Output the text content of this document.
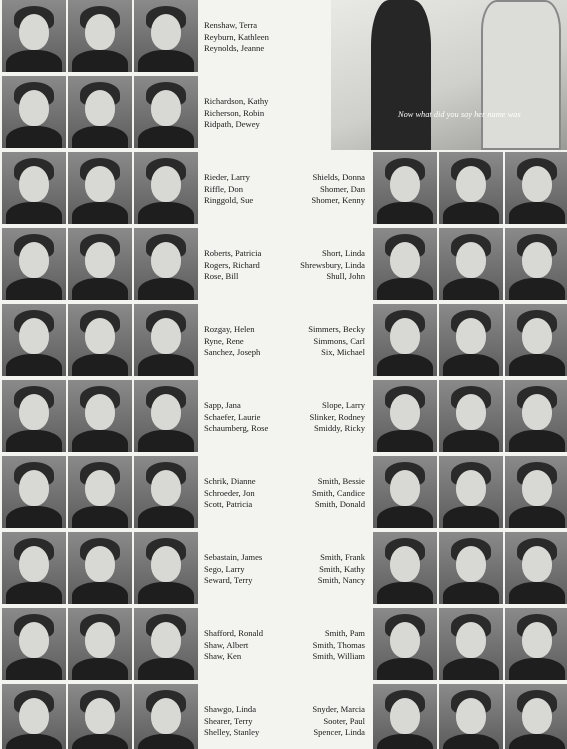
Now what did you say her name was
Renshaw, Terra
Reyburn, Kathleen
Reynolds, Jeanne
Richardson, Kathy
Richerson, Robin
Ridpath, Dewey
Rieder, Larry
Riffle, Don
Ringgold, Sue
Shields, Donna
Shomer, Dan
Shomer, Kenny
Roberts, Patricia
Rogers, Richard
Rose, Bill
Short, Linda
Shrewsbury, Linda
Shull, John
Rozgay, Helen
Ryne, Rene
Sanchez, Joseph
Simmers, Becky
Simmons, Carl
Six, Michael
Sapp, Jana
Schaefer, Laurie
Schaumberg, Rose
Slope, Larry
Slinker, Rodney
Smiddy, Ricky
Schrik, Dianne
Schroeder, Jon
Scott, Patricia
Smith, Bessie
Smith, Candice
Smith, Donald
Sebastain, James
Sego, Larry
Seward, Terry
Smith, Frank
Smith, Kathy
Smith, Nancy
Shafford, Ronald
Shaw, Albert
Shaw, Ken
Smith, Pam
Smith, Thomas
Smith, William
Shawgo, Linda
Shearer, Terry
Shelley, Stanley
Snyder, Marcia
Sooter, Paul
Spencer, Linda
